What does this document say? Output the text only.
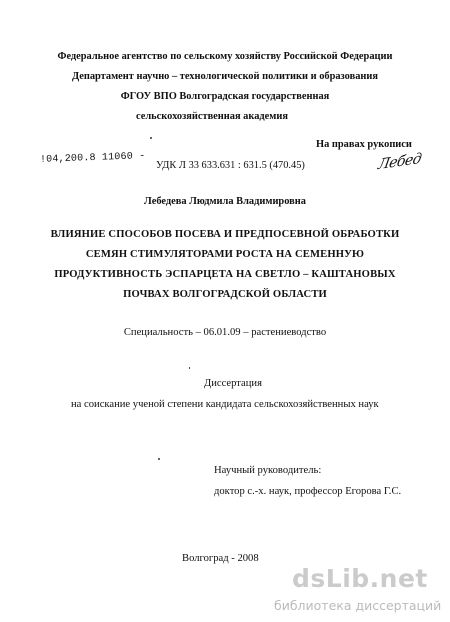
Федеральное агентство по сельскому хозяйству Российской Федерации
Департамент научно – технологической политики и образования
ФГОУ ВПО Волгоградская государственная
сельскохозяйственная академия
На правах рукописи
Лебед
!04,200.8 11060 - УДК Л 33 633.631 : 631.5 (470.45)
Лебедева Людмила Владимировна
ВЛИЯНИЕ СПОСОБОВ ПОСЕВА И ПРЕДПОСЕВНОЙ ОБРАБОТКИ
СЕМЯН СТИМУЛЯТОРАМИ РОСТА НА СЕМЕННУЮ
ПРОДУКТИВНОСТЬ ЭСПАРЦЕТА НА СВЕТЛО – КАШТАНОВЫХ
ПОЧВАХ ВОЛГОГРАДСКОЙ ОБЛАСТИ
Специальность – 06.01.09 – растениеводство
Диссертация
на соискание ученой степени кандидата сельскохозяйственных наук
Научный руководитель:
доктор с.-х. наук, профессор Егорова Г.С.
Волгоград - 2008
dsLib.net
библиотека диссертаций
